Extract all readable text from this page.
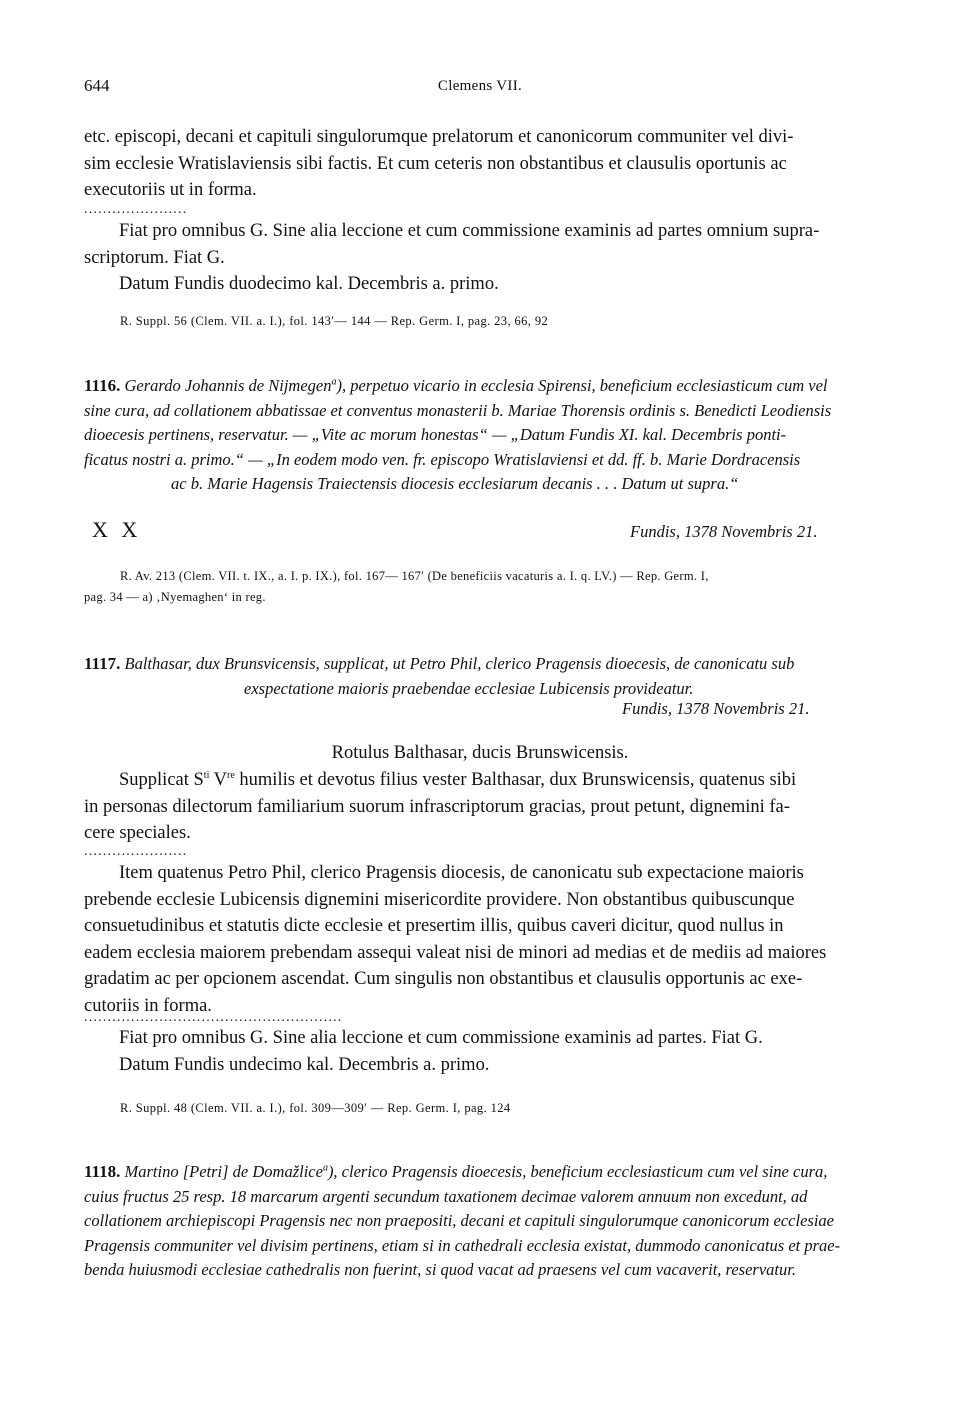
644	Clemens VII.
etc. episcopi, decani et capituli singulorumque prelatorum et canonicorum communiter vel divi-
sim ecclesie Wratislaviensis sibi factis. Et cum ceteris non obstantibus et clausulis oportunis ac
executoriis ut in forma.
......................
Fiat pro omnibus G. Sine alia leccione et cum commissione examinis ad partes omnium supra-
scriptorum. Fiat G.
Datum Fundis duodecimo kal. Decembris a. primo.
R. Suppl. 56 (Clem. VII. a. I.), fol. 143′— 144 — Rep. Germ. I, pag. 23, 66, 92
1116. Gerardo Johannis de Nijmegen$^a$), perpetuo vicario in ecclesia Spirensi, beneficium ecclesiasticum cum vel
sine cura, ad collationem abbatissae et conventus monasterii b. Mariae Thorensis ordinis s. Benedicti Leodiensis
dioecesis pertinens, reservatur. — „Vite ac morum honestas“ — „Datum Fundis XI. kal. Decembris ponti-
ficatus nostri a. primo.“ — „In eodem modo ven. fr. episcopo Wratislaviensi et dd. ff. b. Marie Dordracensis
ac b. Marie Hagensis Traiectensis diocesis ecclesiarum decanis . . . Datum ut supra.“
X X	Fundis, 1378 Novembris 21.
R. Av. 213 (Clem. VII. t. IX., a. I. p. IX.), fol. 167— 167′ (De beneficiis vacaturis a. I. q. LV.) — Rep. Germ. I,
pag. 34 — a) ‚Nyemaghen‘ in reg.
1117. Balthasar, dux Brunsvicensis, supplicat, ut Petro Phil, clerico Pragensis dioecesis, de canonicatu sub
exspectatione maioris praebendae ecclesiae Lubicensis provideatur.
Fundis, 1378 Novembris 21.
Rotulus Balthasar, ducis Brunswicensis.
Supplicat $S^{ti}$ Vre humilis et devotus filius vester Balthasar, dux Brunswicensis, quatenus sibi
in personas dilectorum familiarium suorum infrascriptorum gracias, prout petunt, dignemini fa-
cere speciales.
......................
Item quatenus Petro Phil, clerico Pragensis diocesis, de canonicatu sub expectacione maioris
prebende ecclesie Lubicensis dignemini misericordite providere. Non obstantibus quibuscunque
consuetudinibus et statutis dicte ecclesie et presertim illis, quibus caveri dicitur, quod nullus in
eadem ecclesia maiorem prebendam assequi valeat nisi de minori ad medias et de mediis ad maiores
gradatim ac per opcionem ascendat. Cum singulis non obstantibus et clausulis opportunis ac exe-
cutoriis in forma.
.......................................................
Fiat pro omnibus G. Sine alia leccione et cum commissione examinis ad partes. Fiat G.
Datum Fundis undecimo kal. Decembris a. primo.
R. Suppl. 48 (Clem. VII. a. I.), fol. 309—309′ — Rep. Germ. I, pag. 124
1118. Martino [Petri] de Domažlice$^a$), clerico Pragensis dioecesis, beneficium ecclesiasticum cum vel sine cura,
cuius fructus 25 resp. 18 marcarum argenti secundum taxationem decimae valorem annuum non excedunt, ad
collationem archiepiscopi Pragensis nec non praepositi, decani et capituli singulorumque canonicorum ecclesiae
Pragensis communiter vel divisim pertinens, etiam si in cathedrali ecclesia existat, dummodo canonicatus et prae-
benda huiusmodi ecclesiae cathedralis non fuerint, si quod vacat ad praesens vel cum vacaverit, reservatur.
